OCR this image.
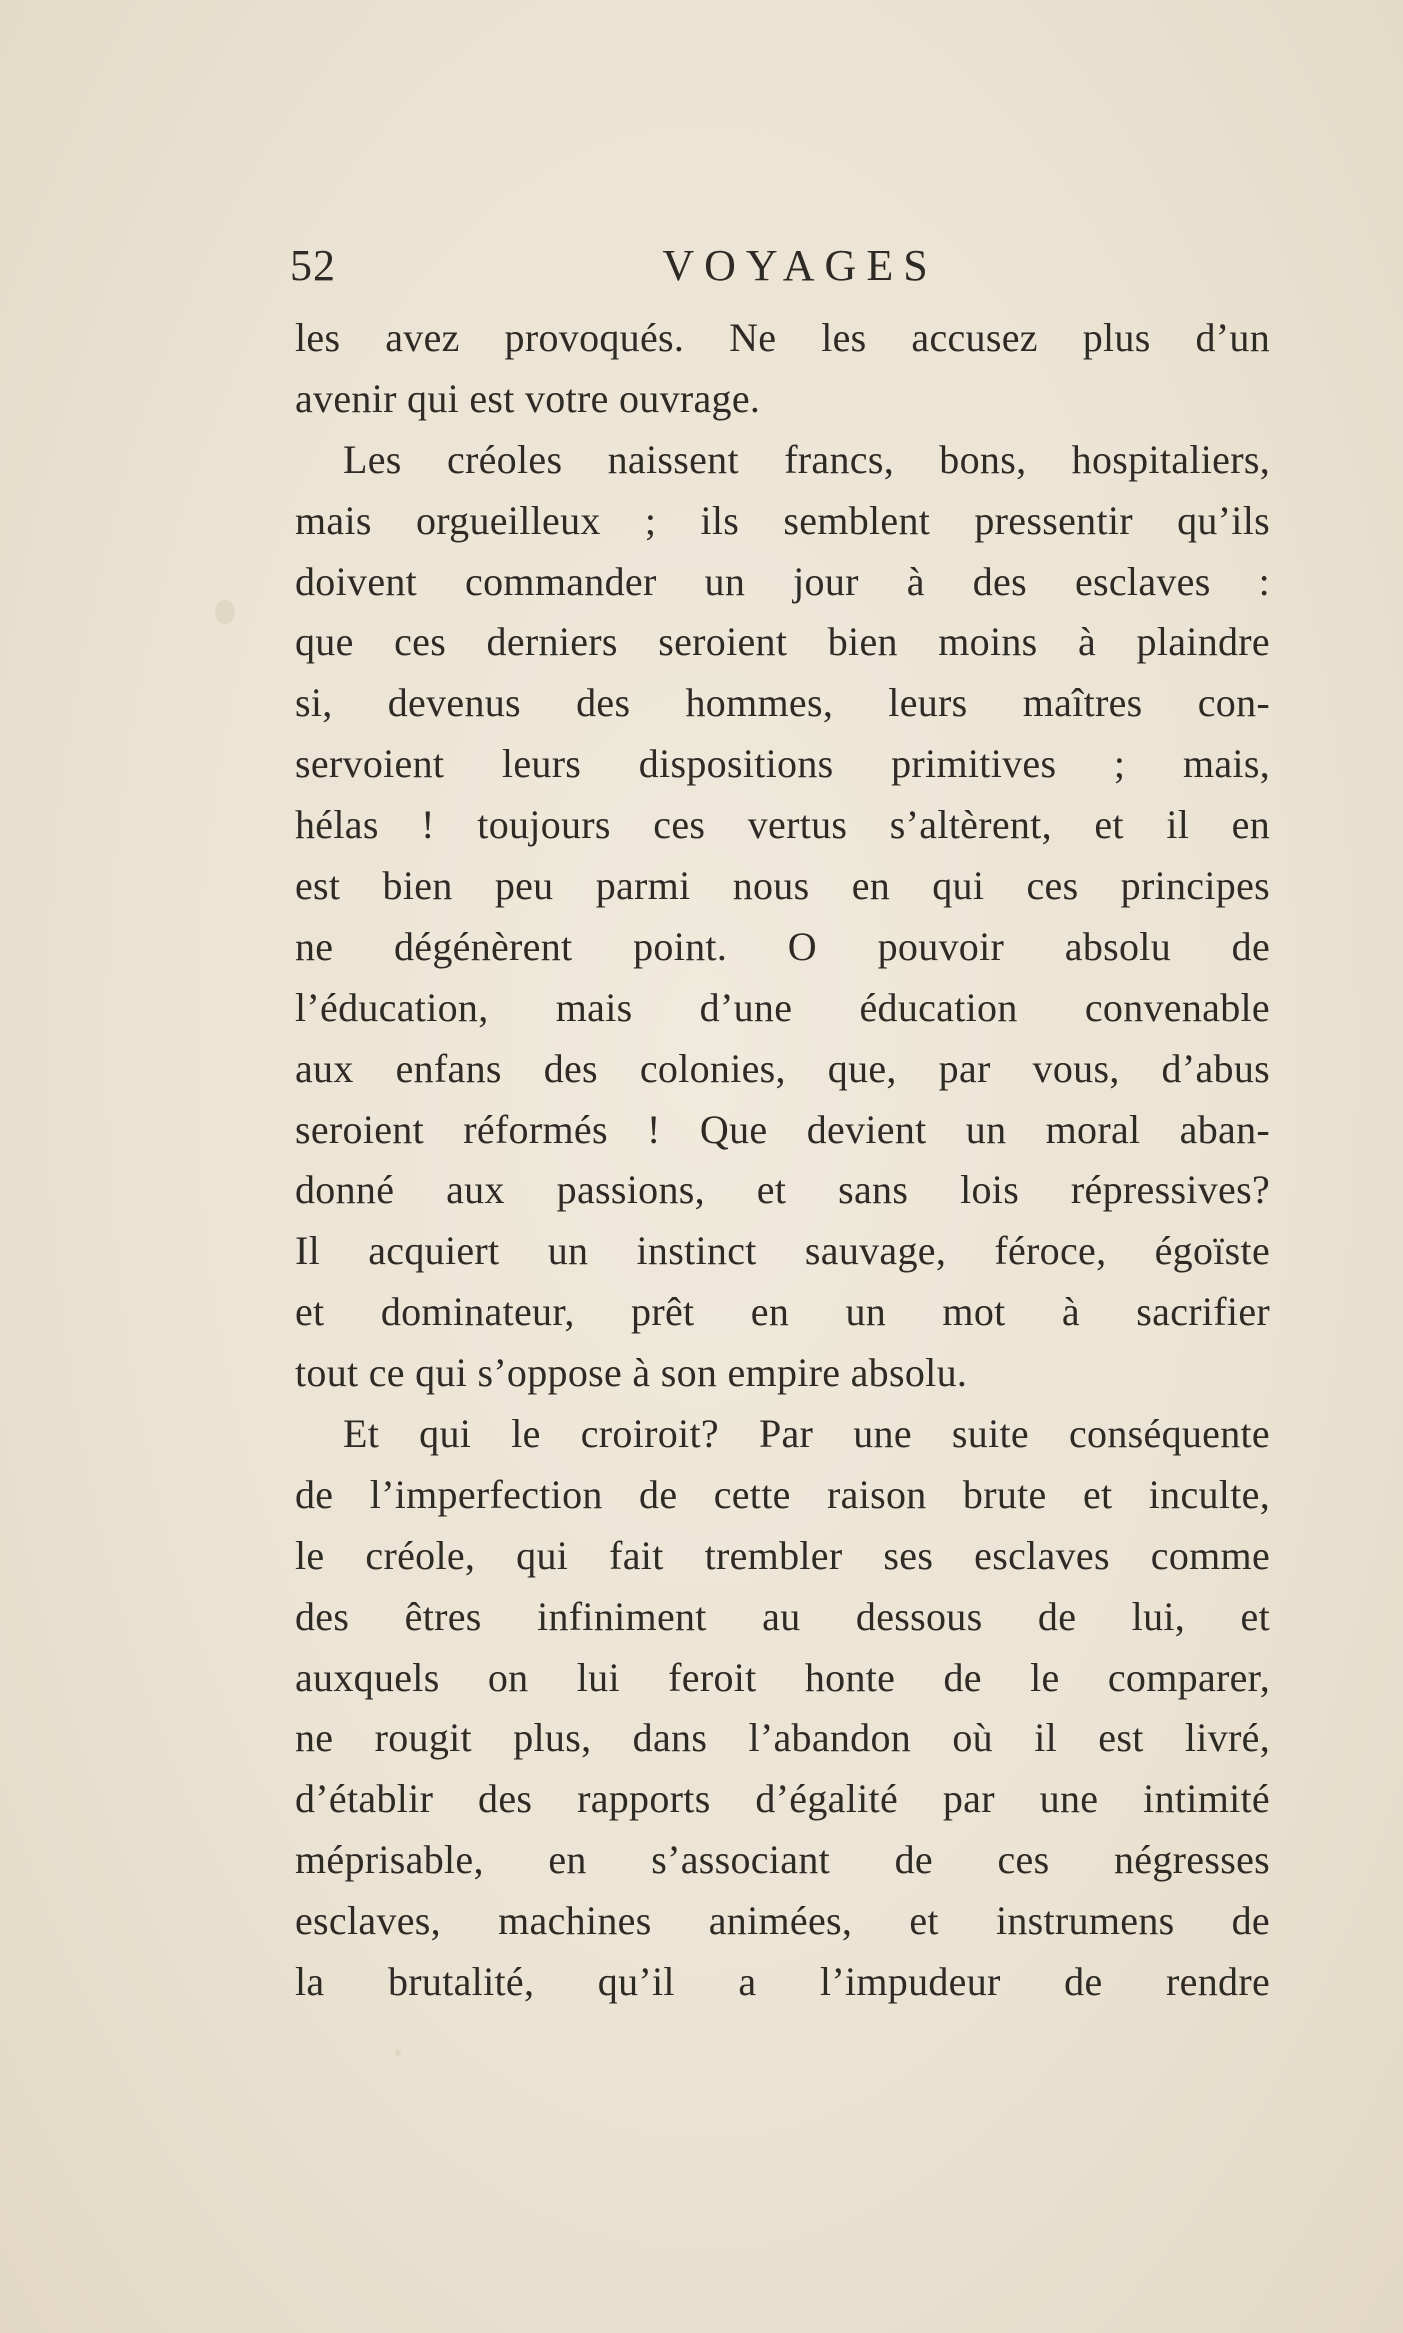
52	VOYAGES
les avez provoqués. Ne les accusez plus d’un
avenir qui est votre ouvrage.
Les créoles naissent francs, bons, hospitaliers,
mais orgueilleux ; ils semblent pressentir qu’ils
doivent commander un jour à des esclaves :
que ces derniers seroient bien moins à plaindre
si, devenus des hommes, leurs maîtres con-
servoient leurs dispositions primitives ; mais,
hélas ! toujours ces vertus s’altèrent, et il en
est bien peu parmi nous en qui ces principes
ne dégénèrent point. O pouvoir absolu de
l’éducation, mais d’une éducation convenable
aux enfans des colonies, que, par vous, d’abus
seroient réformés ! Que devient un moral aban-
donné aux passions, et sans lois répressives?
Il acquiert un instinct sauvage, féroce, égoïste
et dominateur, prêt en un mot à sacrifier
tout ce qui s’oppose à son empire absolu.
Et qui le croiroit? Par une suite conséquente
de l’imperfection de cette raison brute et inculte,
le créole, qui fait trembler ses esclaves comme
des êtres infiniment au dessous de lui, et
auxquels on lui feroit honte de le comparer,
ne rougit plus, dans l’abandon où il est livré,
d’établir des rapports d’égalité par une intimité
méprisable, en s’associant de ces négresses
esclaves, machines animées, et instrumens de
la brutalité, qu’il a l’impudeur de rendre
